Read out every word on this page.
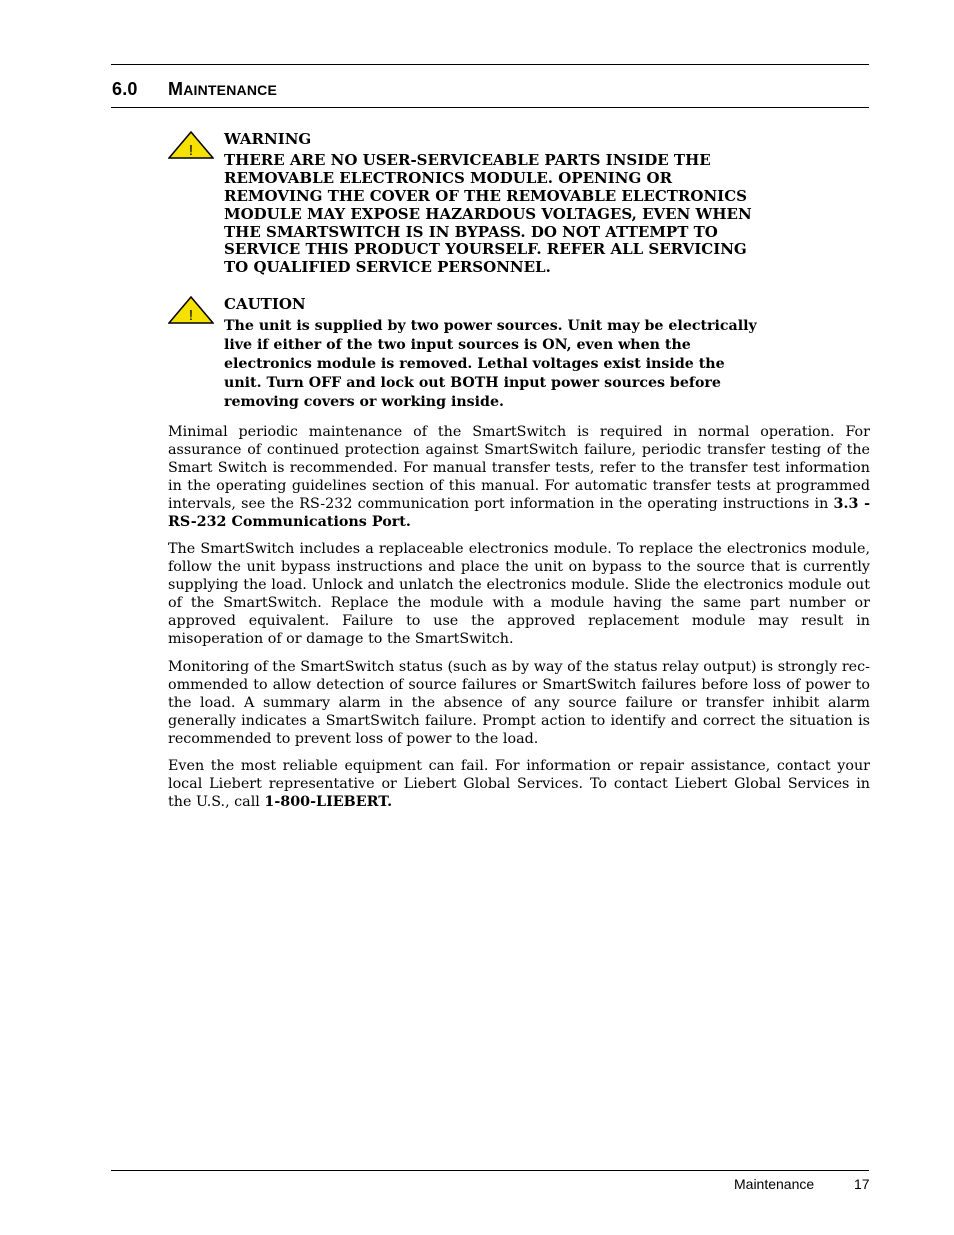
6.0 MAINTENANCE
!
WARNING
THERE ARE NO USER-SERVICEABLE PARTS INSIDE THE REMOVABLE ELECTRONICS MODULE. OPENING OR REMOVING THE COVER OF THE REMOVABLE ELECTRONICS MODULE MAY EXPOSE HAZARDOUS VOLTAGES, EVEN WHEN THE SMARTSWITCH IS IN BYPASS. DO NOT ATTEMPT TO SERVICE THIS PRODUCT YOURSELF. REFER ALL SERVICING TO QUALIFIED SERVICE PERSONNEL.
!
CAUTION
The unit is supplied by two power sources. Unit may be electrically live if either of the two input sources is ON, even when the electronics module is removed. Lethal voltages exist inside the unit. Turn OFF and lock out BOTH input power sources before removing covers or working inside.

Minimal periodic maintenance of the SmartSwitch is required in normal operation. For assurance of continued protection against SmartSwitch failure, periodic transfer testing of the Smart Switch is recommended. For manual transfer tests, refer to the transfer test information in the operating guidelines section of this manual. For automatic transfer tests at programmed intervals, see the RS-232 communication port information in the operating instructions in 3.3 - RS-232 Communications Port.

The SmartSwitch includes a replaceable electronics module. To replace the electronics module, follow the unit bypass instructions and place the unit on bypass to the source that is currently supplying the load. Unlock and unlatch the electronics module. Slide the electronics module out of the SmartSwitch. Replace the module with a module having the same part number or approved equivalent. Failure to use the approved replacement module may result in misoperation of or damage to the SmartSwitch.

Monitoring of the SmartSwitch status (such as by way of the status relay output) is strongly recommended to allow detection of source failures or SmartSwitch failures before loss of power to the load. A summary alarm in the absence of any source failure or transfer inhibit alarm generally indicates a SmartSwitch failure. Prompt action to identify and correct the situation is recommended to prevent loss of power to the load.

Even the most reliable equipment can fail. For information or repair assistance, contact your local Liebert representative or Liebert Global Services. To contact Liebert Global Services in the U.S., call 1-800-LIEBERT.

Maintenance	17
